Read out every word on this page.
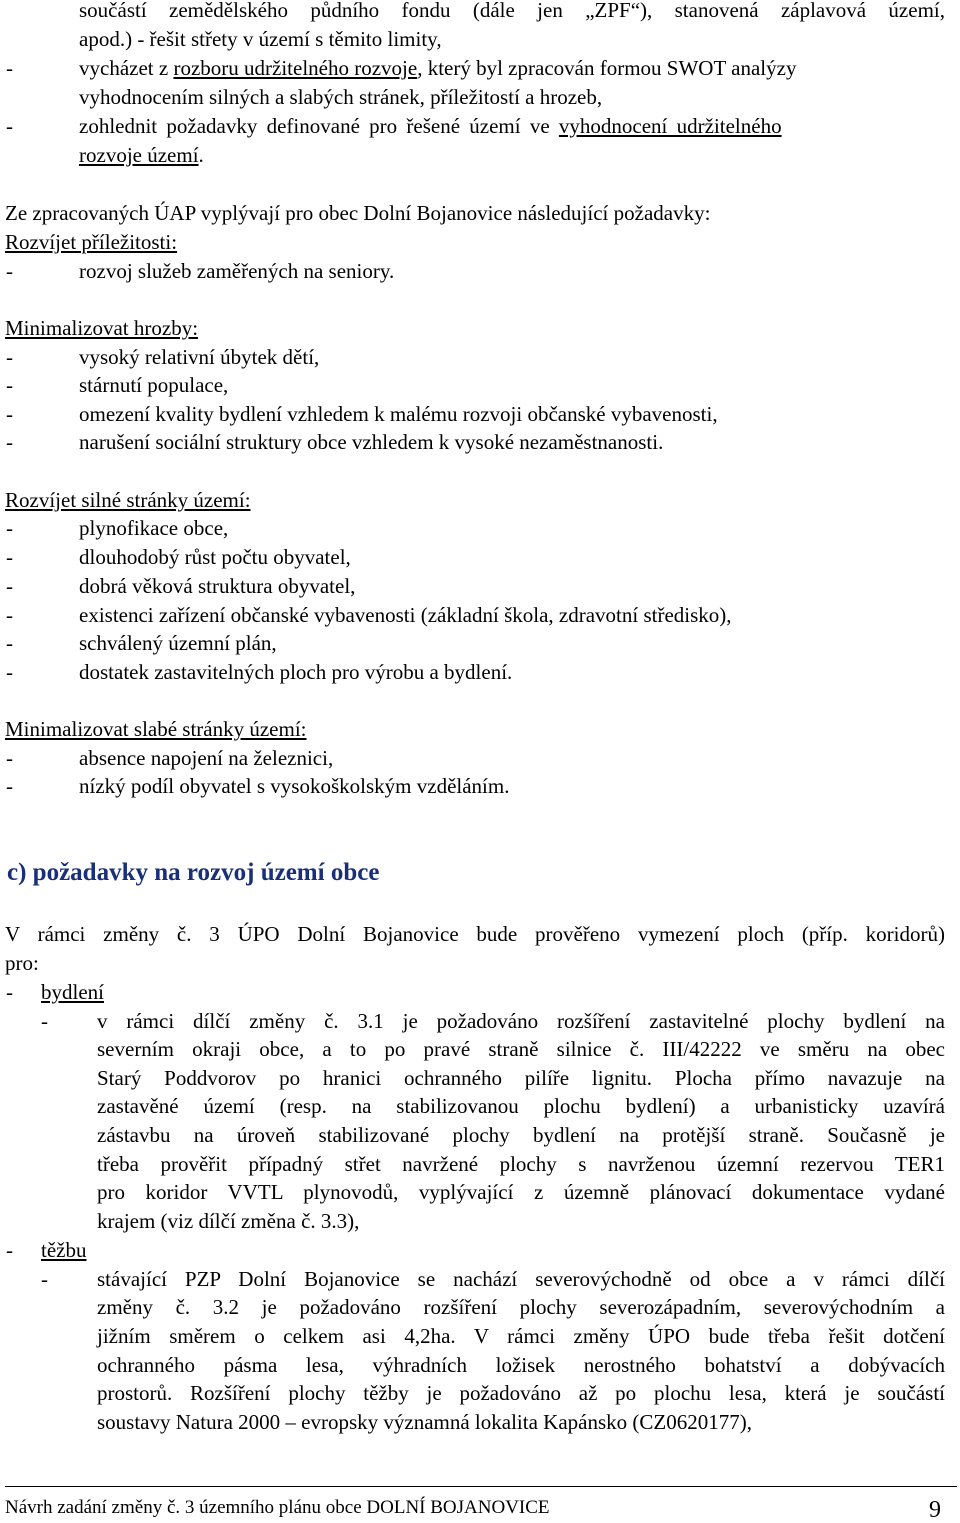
součástí zemědělského půdního fondu (dále jen „ZPF“), stanovená záplavová území,
apod.) - řešit střety v území s těmito limity,
-	vycházet z rozboru udržitelného rozvoje, který byl zpracován formou SWOT analýzy
vyhodnocením silných a slabých stránek, příležitostí a hrozeb,
-	zohlednit požadavky definované pro řešené území ve vyhodnocení udržitelného
rozvoje území.
Ze zpracovaných ÚAP vyplývají pro obec Dolní Bojanovice následující požadavky:
Rozvíjet příležitosti:
-	rozvoj služeb zaměřených na seniory.
Minimalizovat hrozby:
-	vysoký relativní úbytek dětí,
-	stárnutí populace,
-	omezení kvality bydlení vzhledem k malému rozvoji občanské vybavenosti,
-	narušení sociální struktury obce vzhledem k vysoké nezaměstnanosti.
Rozvíjet silné stránky území:
-	plynofikace obce,
-	dlouhodobý růst počtu obyvatel,
-	dobrá věková struktura obyvatel,
-	existenci zařízení občanské vybavenosti (základní škola, zdravotní středisko),
-	schválený územní plán,
-	dostatek zastavitelných ploch pro výrobu a bydlení.
Minimalizovat slabé stránky území:
-	absence napojení na železnici,
-	nízký podíl obyvatel s vysokoškolským vzděláním.
c) požadavky na rozvoj území obce
V rámci změny č. 3 ÚPO Dolní Bojanovice bude prověřeno vymezení ploch (příp. koridorů)
pro:
- bydlení
- v rámci dílčí změny č. 3.1 je požadováno rozšíření zastavitelné plochy bydlení na
severním okraji obce, a to po pravé straně silnice č. III/42222 ve směru na obec
Starý Poddvorov po hranici ochranného pilíře lignitu. Plocha přímo navazuje na
zastavěné území (resp. na stabilizovanou plochu bydlení) a urbanisticky uzavírá
zástavbu na úroveň stabilizované plochy bydlení na protější straně. Současně je
třeba prověřit případný střet navržené plochy s navrženou územní rezervou TER1
pro koridor VVTL plynovodů, vyplývající z územně plánovací dokumentace vydané
krajem (viz dílčí změna č. 3.3),
- těžbu
- stávající PZP Dolní Bojanovice se nachází severovýchodně od obce a v rámci dílčí
změny č. 3.2 je požadováno rozšíření plochy severozápadním, severovýchodním a
jižním směrem o celkem asi 4,2ha. V rámci změny ÚPO bude třeba řešit dotčení
ochranného pásma lesa, výhradních ložisek nerostného bohatství a dobývacích
prostorů. Rozšíření plochy těžby je požadováno až po plochu lesa, která je součástí
soustavy Natura 2000 – evropsky významná lokalita Kapánsko (CZ0620177),
Návrh zadání změny č. 3 územního plánu obce DOLNÍ BOJANOVICE	9
